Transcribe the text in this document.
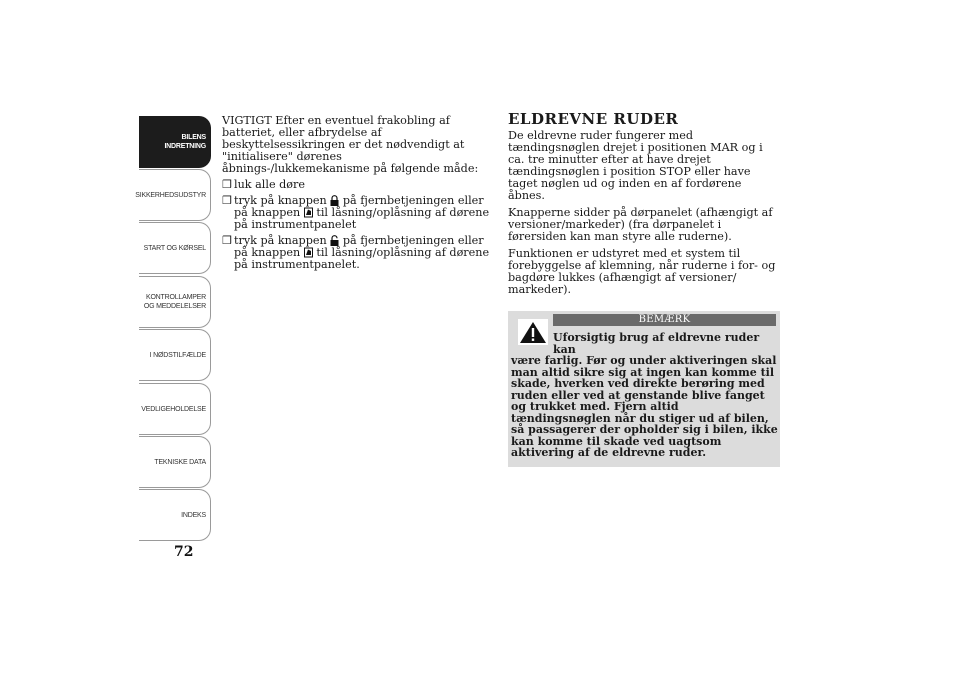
BILENS
INDRETNING
SIKKERHEDSUDSTYR
START OG KØRSEL
KONTROLLAMPER
OG MEDDELELSER
I NØDSTILFÆLDE
VEDLIGEHOLDELSE
TEKNISKE DATA
INDEKS
72

VIGTIGT Efter en eventuel frakobling af batteriet, eller afbrydelse af beskyttelsessikringen er det nødvendigt at "initialisere" dørenes åbnings-/lukkemekanisme på følgende måde:

❒ luk alle døre
❒ tryk på knappen på fjernbetjeningen eller på knappen til låsning/oplåsning af dørene på instrumentpanelet
❒ tryk på knappen på fjernbetjeningen eller på knappen til låsning/oplåsning af dørene på instrumentpanelet.
ELDREVNE RUDER

De eldrevne ruder fungerer med tændingsnøglen drejet i positionen MAR og i ca. tre minutter efter at have drejet tændingsnøglen i position STOP eller have taget nøglen ud og inden en af fordørene åbnes.

Knapperne sidder på dørpanelet (afhængigt af versioner/markeder) (fra dørpanelet i førersiden kan man styre alle ruderne).

Funktionen er udstyret med et system til forebyggelse af klemning, når ruderne i for- og bagdøre lukkes (afhængigt af versioner/ markeder).

BEMÆRK
Uforsigtig brug af eldrevne ruder kan
være farlig. Før og under aktiveringen skal man altid sikre sig at ingen kan komme til skade, hverken ved direkte berøring med ruden eller ved at genstande blive fanget og trukket med. Fjern altid tændingsnøglen når du stiger ud af bilen, så passagerer der opholder sig i bilen, ikke kan komme til skade ved uagtsom aktivering af de eldrevne ruder.
